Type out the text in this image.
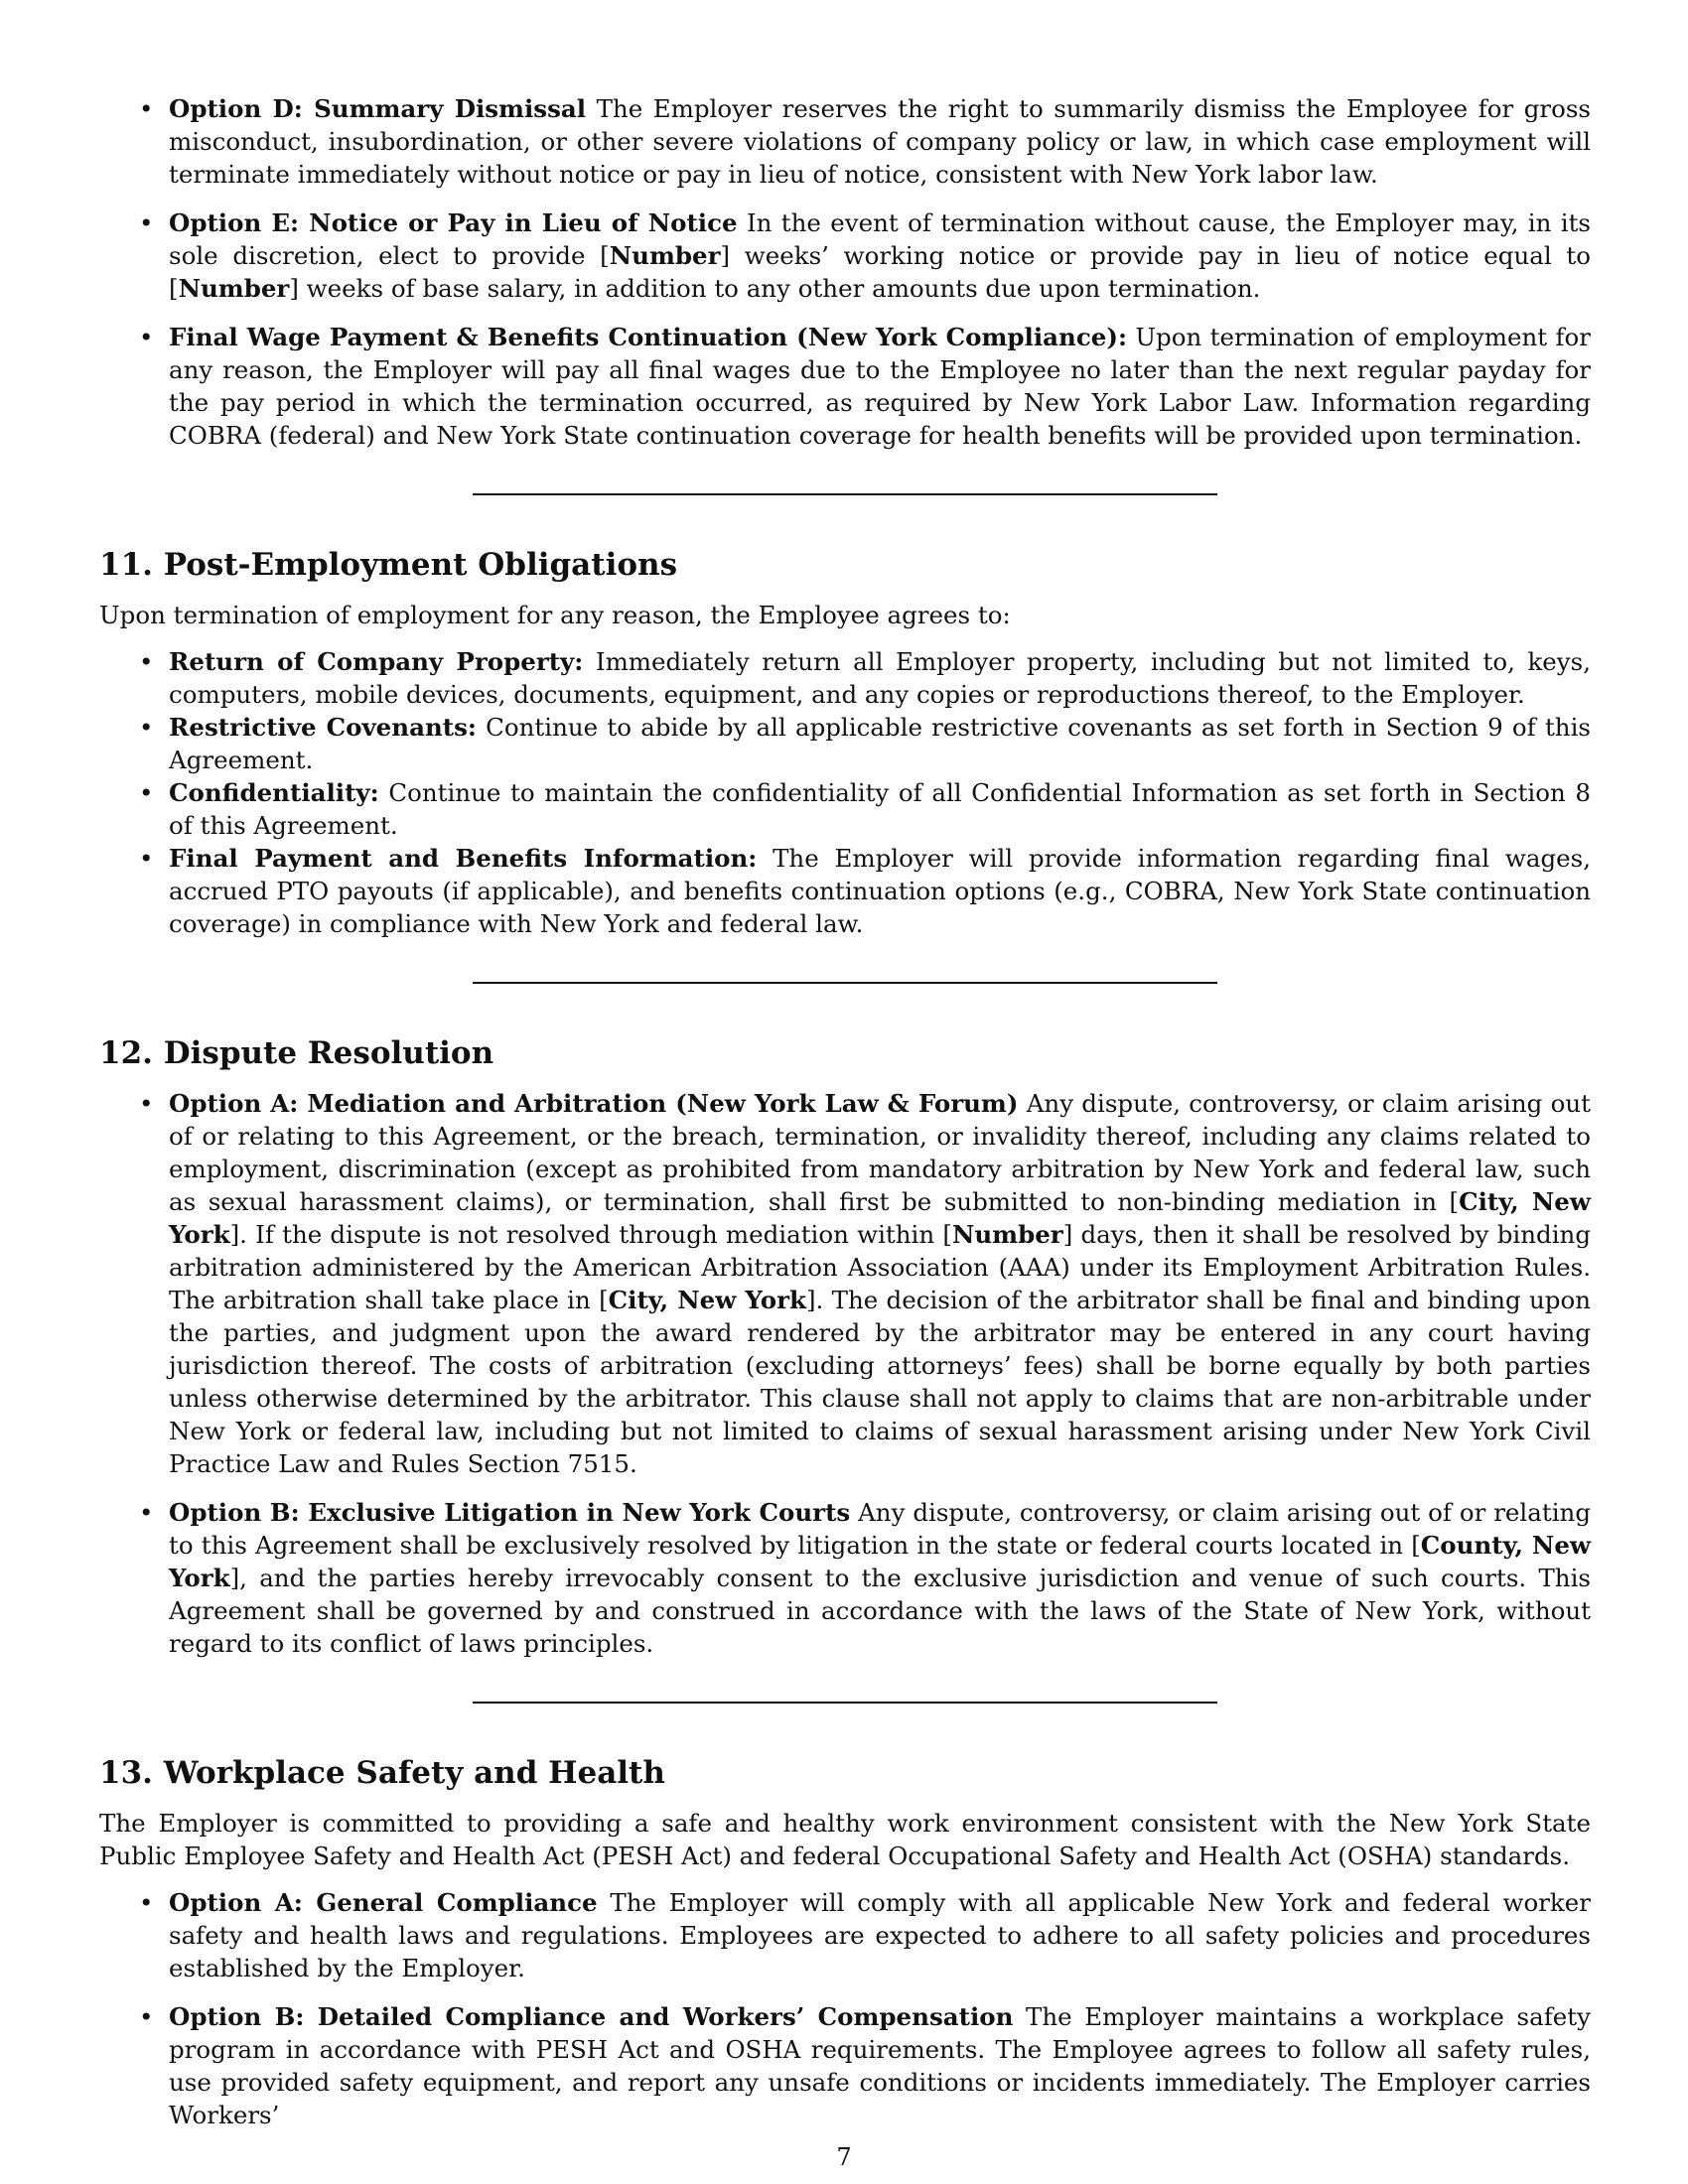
• Option D: Summary Dismissal The Employer reserves the right to summarily dismiss the Employee for gross misconduct, insubordination, or other severe violations of company policy or law, in which case employment will terminate immediately without notice or pay in lieu of notice, consistent with New York labor law.
• Option E: Notice or Pay in Lieu of Notice In the event of termination without cause, the Employer may, in its sole discretion, elect to provide [Number] weeks’ working notice or provide pay in lieu of notice equal to [Number] weeks of base salary, in addition to any other amounts due upon termination.
• Final Wage Payment & Benefits Continuation (New York Compliance): Upon termination of employment for any reason, the Employer will pay all final wages due to the Employee no later than the next regular payday for the pay period in which the termination occurred, as required by New York Labor Law. Information regarding COBRA (federal) and New York State continuation coverage for health benefits will be provided upon termination.
11. Post-Employment Obligations

Upon termination of employment for any reason, the Employee agrees to:

• Return of Company Property: Immediately return all Employer property, including but not limited to, keys, computers, mobile devices, documents, equipment, and any copies or reproductions thereof, to the Employer.
• Restrictive Covenants: Continue to abide by all applicable restrictive covenants as set forth in Section 9 of this Agreement.
• Confidentiality: Continue to maintain the confidentiality of all Confidential Information as set forth in Section 8 of this Agreement.
• Final Payment and Benefits Information: The Employer will provide information regarding final wages, accrued PTO payouts (if applicable), and benefits continuation options (e.g., COBRA, New York State continuation coverage) in compliance with New York and federal law.
12. Dispute Resolution
• Option A: Mediation and Arbitration (New York Law & Forum) Any dispute, controversy, or claim arising out of or relating to this Agreement, or the breach, termination, or invalidity thereof, including any claims related to employment, discrimination (except as prohibited from mandatory arbitration by New York and federal law, such as sexual harassment claims), or termination, shall first be submitted to non-binding mediation in [City, New York]. If the dispute is not resolved through mediation within [Number] days, then it shall be resolved by binding arbitration administered by the American Arbitration Association (AAA) under its Employment Arbitration Rules. The arbitration shall take place in [City, New York]. The decision of the arbitrator shall be final and binding upon the parties, and judgment upon the award rendered by the arbitrator may be entered in any court having jurisdiction thereof. The costs of arbitration (excluding attorneys’ fees) shall be borne equally by both parties unless otherwise determined by the arbitrator. This clause shall not apply to claims that are non-arbitrable under New York or federal law, including but not limited to claims of sexual harassment arising under New York Civil Practice Law and Rules Section 7515.
• Option B: Exclusive Litigation in New York Courts Any dispute, controversy, or claim arising out of or relating to this Agreement shall be exclusively resolved by litigation in the state or federal courts located in [County, New York], and the parties hereby irrevocably consent to the exclusive jurisdiction and venue of such courts. This Agreement shall be governed by and construed in accordance with the laws of the State of New York, without regard to its conflict of laws principles.
13. Workplace Safety and Health

The Employer is committed to providing a safe and healthy work environment consistent with the New York State Public Employee Safety and Health Act (PESH Act) and federal Occupational Safety and Health Act (OSHA) standards.

• Option A: General Compliance The Employer will comply with all applicable New York and federal worker safety and health laws and regulations. Employees are expected to adhere to all safety policies and procedures established by the Employer.
• Option B: Detailed Compliance and Workers’ Compensation The Employer maintains a workplace safety program in accordance with PESH Act and OSHA requirements. The Employee agrees to follow all safety rules, use provided safety equipment, and report any unsafe conditions or incidents immediately. The Employer carries Workers’
7
